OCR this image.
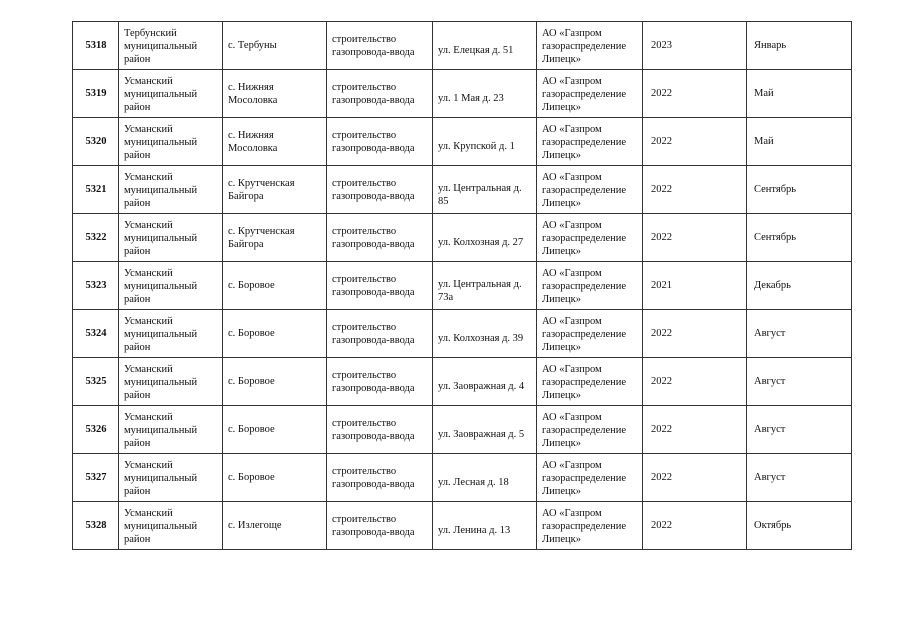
5318	Тербунский муниципальный район	с. Тербуны	строительство газопровода-ввода	ул. Елецкая д. 51	АО «Газпром газораспределение Липецк»	2023	Январь

5319	Усманский муниципальный район	с. Нижняя Мосоловка	строительство газопровода-ввода	ул. 1 Мая д. 23	АО «Газпром газораспределение Липецк»	2022	Май

5320	Усманский муниципальный район	с. Нижняя Мосоловка	строительство газопровода-ввода	ул. Крупской д. 1	АО «Газпром газораспределение Липецк»	2022	Май

5321	Усманский муниципальный район	с. Крутченская Байгора	строительство газопровода-ввода	ул. Центральная д. 85	АО «Газпром газораспределение Липецк»	2022	Сентябрь

5322	Усманский муниципальный район	с. Крутченская Байгора	строительство газопровода-ввода	ул. Колхозная д. 27	АО «Газпром газораспределение Липецк»	2022	Сентябрь

5323	Усманский муниципальный район	с. Боровое	строительство газопровода-ввода	ул. Центральная д. 73а	АО «Газпром газораспределение Липецк»	2021	Декабрь

5324	Усманский муниципальный район	с. Боровое	строительство газопровода-ввода	ул. Колхозная д. 39	АО «Газпром газораспределение Липецк»	2022	Август

5325	Усманский муниципальный район	с. Боровое	строительство газопровода-ввода	ул. Заовражная д. 4	АО «Газпром газораспределение Липецк»	2022	Август

5326	Усманский муниципальный район	с. Боровое	строительство газопровода-ввода	ул. Заовражная д. 5	АО «Газпром газораспределение Липецк»	2022	Август

5327	Усманский муниципальный район	с. Боровое	строительство газопровода-ввода	ул. Лесная д. 18	АО «Газпром газораспределение Липецк»	2022	Август

5328	Усманский муниципальный район	с. Излегоще	строительство газопровода-ввода	ул. Ленина д. 13	АО «Газпром газораспределение Липецк»	2022	Октябрь
